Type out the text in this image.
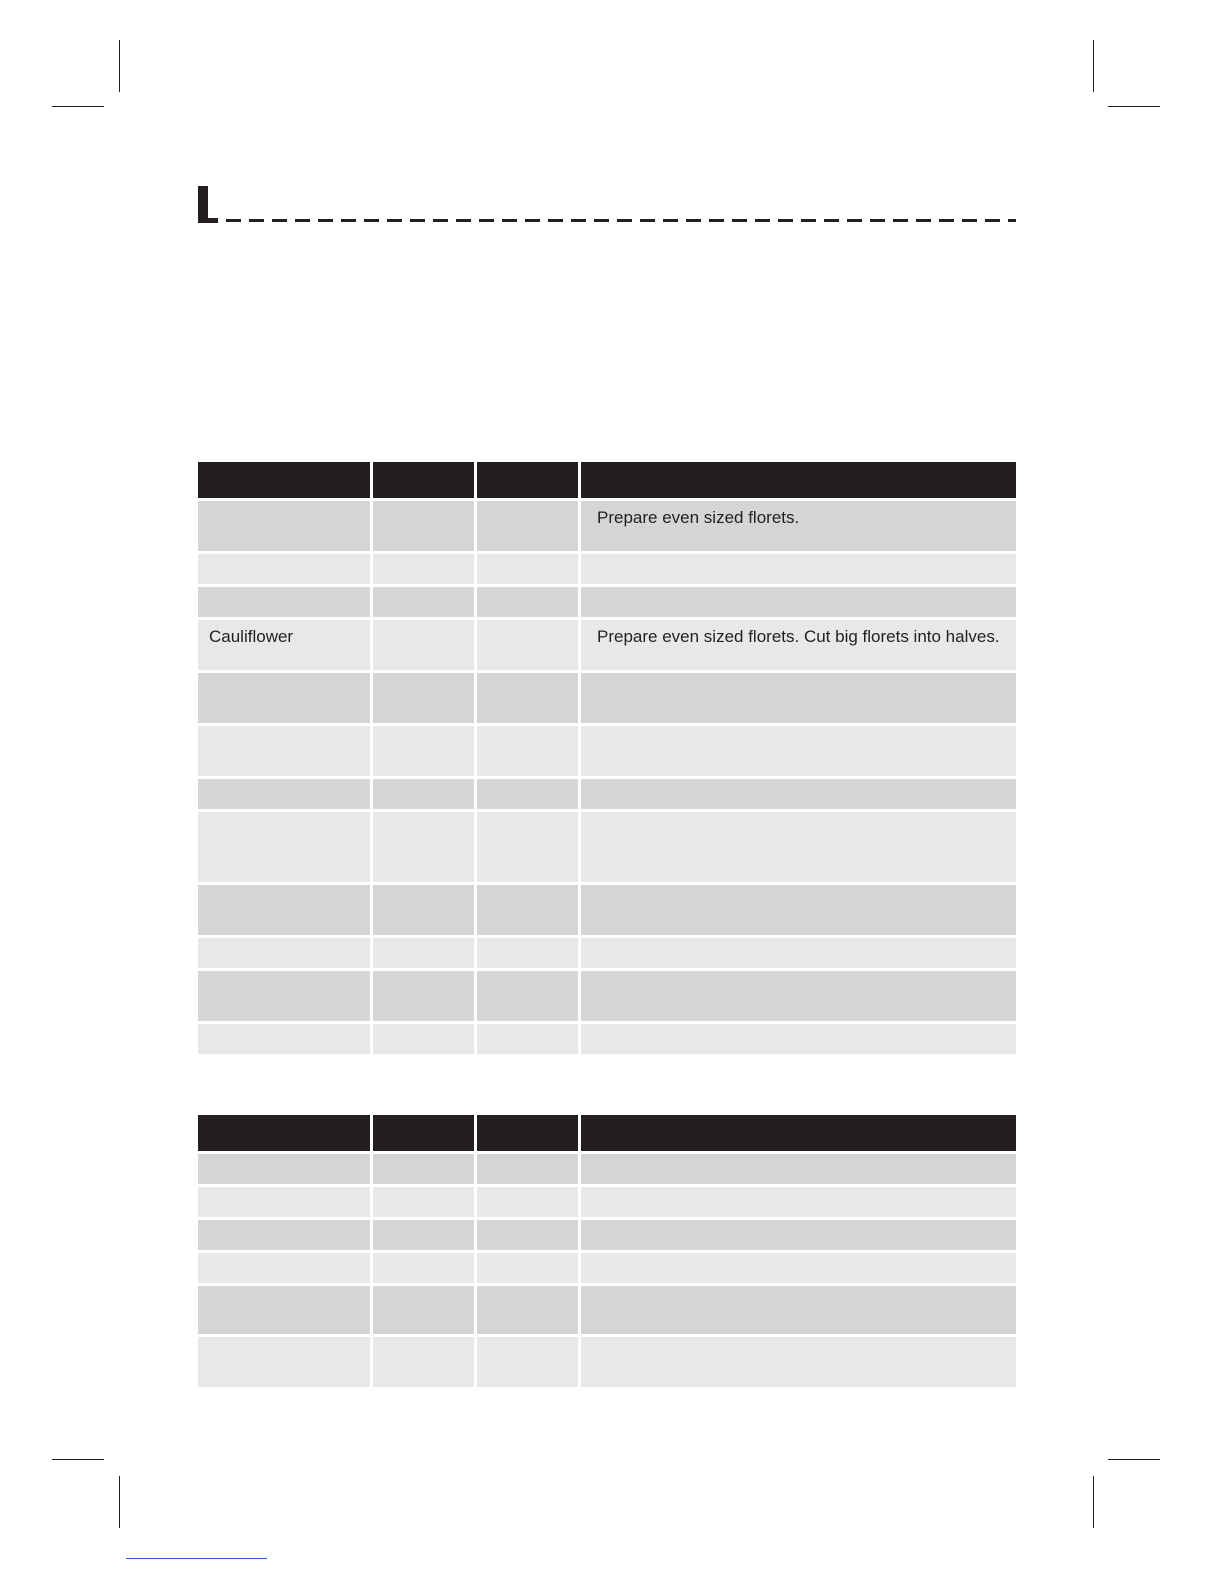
Prepare even sized florets.
Cauliflower	Prepare even sized florets. Cut big florets into halves.
